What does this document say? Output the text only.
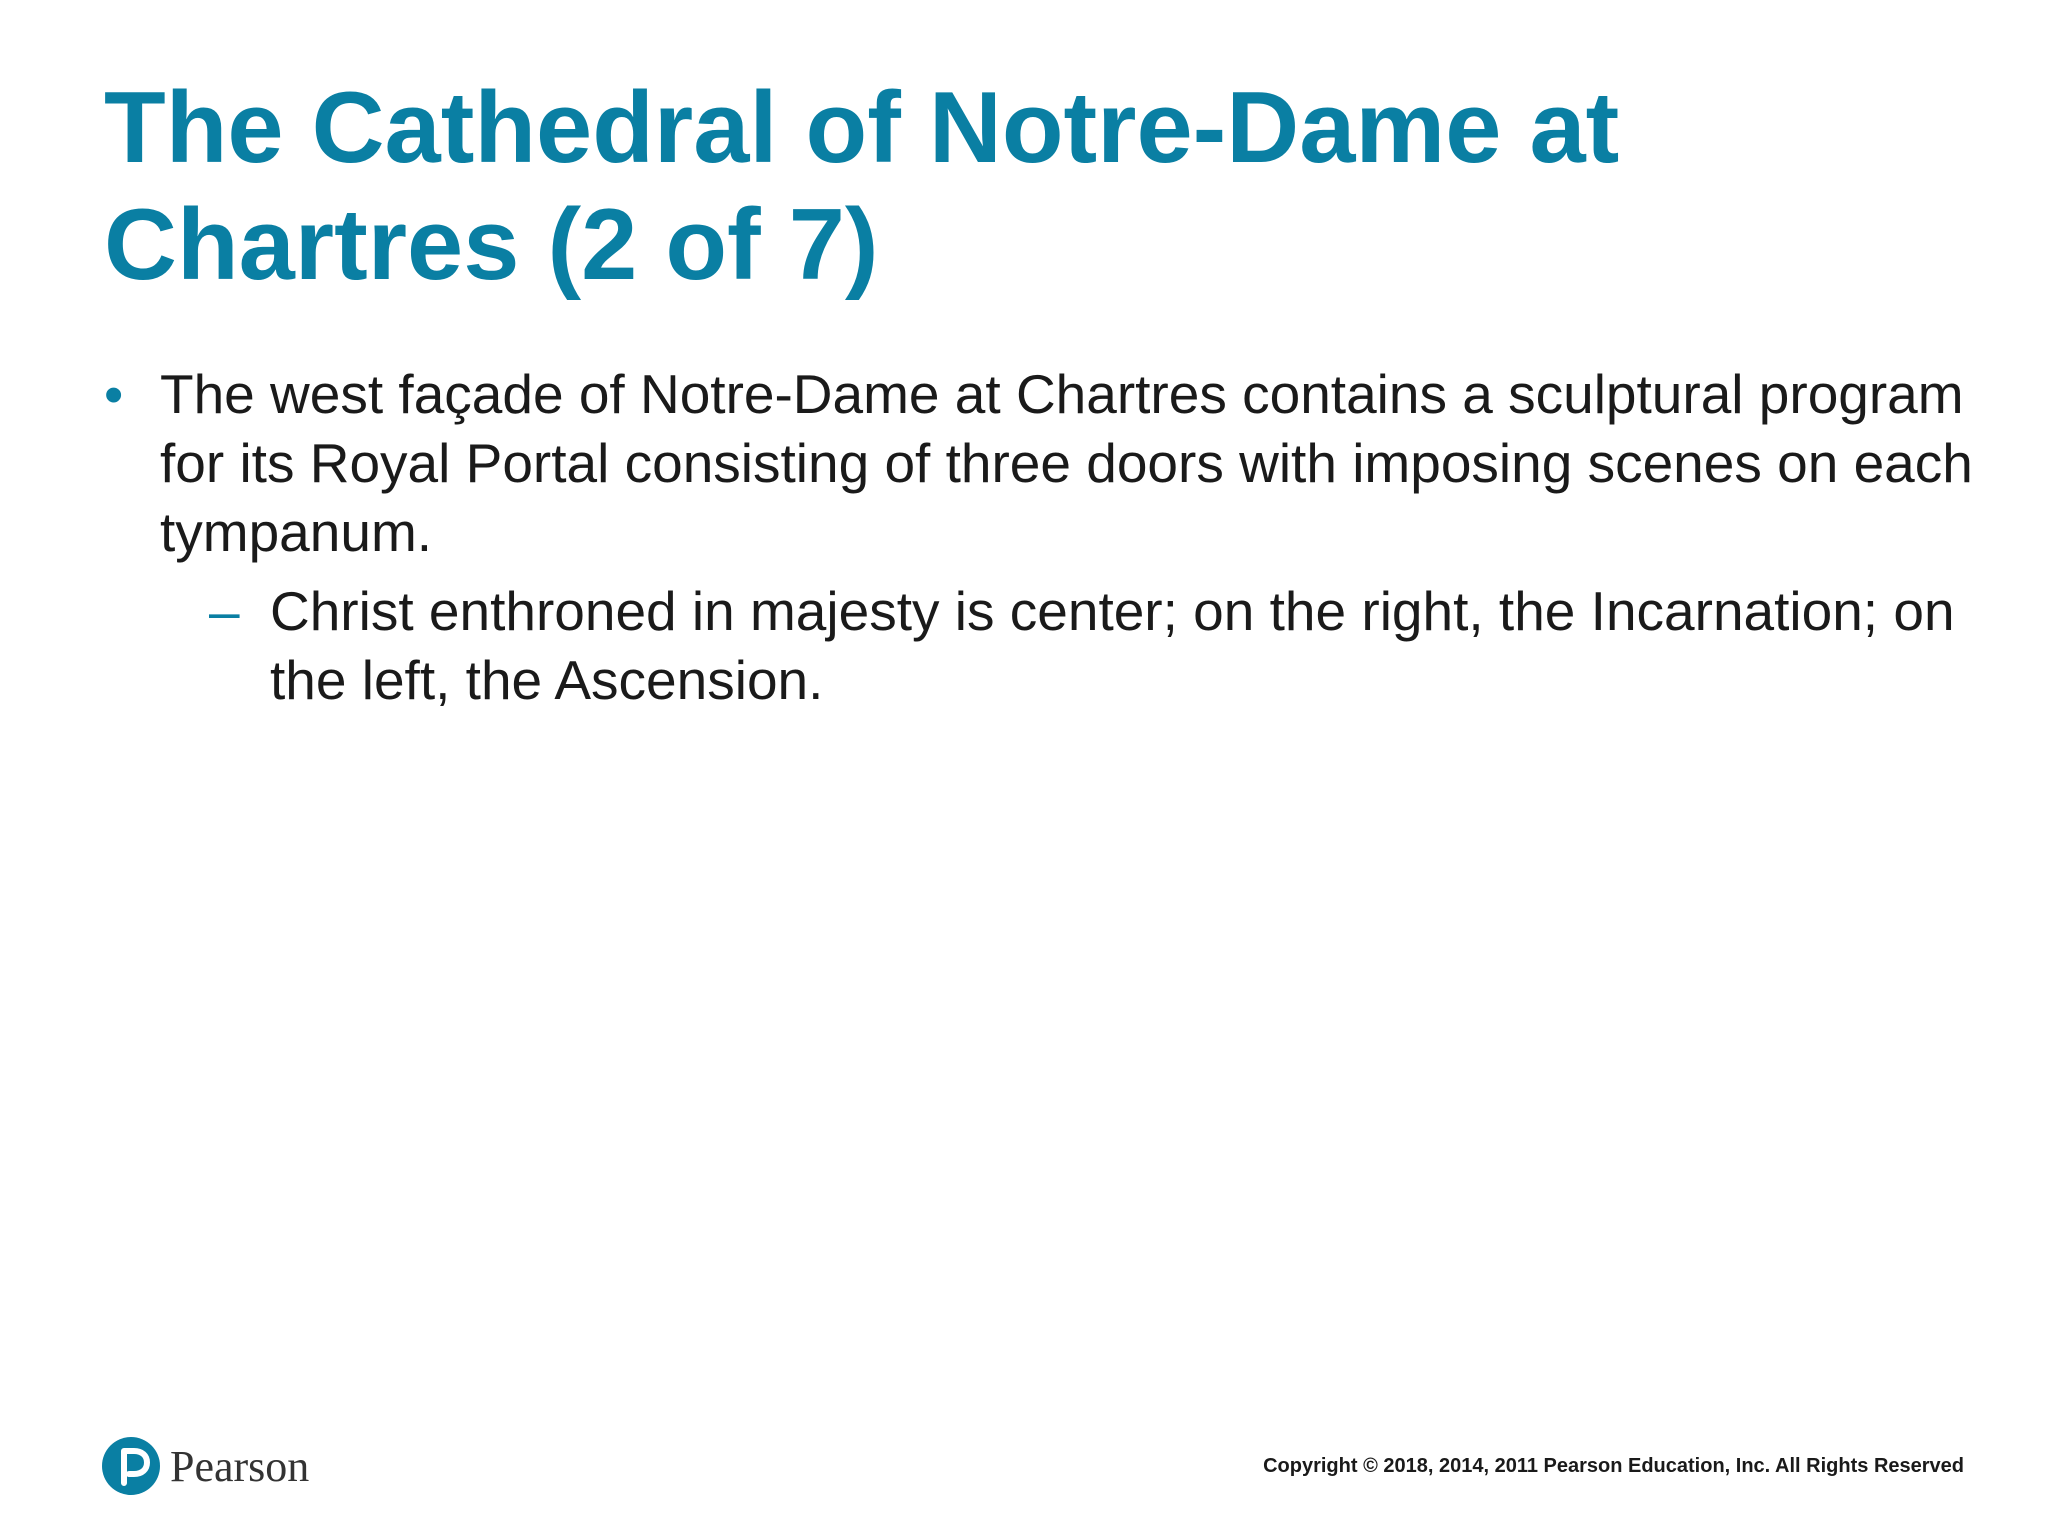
The Cathedral of Notre-Dame at
Chartres (2 of 7)
• The west façade of Notre-Dame at Chartres contains a sculptural program for its Royal Portal consisting of three doors with imposing scenes on each tympanum.
– Christ enthroned in majesty is center; on the right, the Incarnation; on the left, the Ascension.
Pearson	Copyright © 2018, 2014, 2011 Pearson Education, Inc. All Rights Reserved
